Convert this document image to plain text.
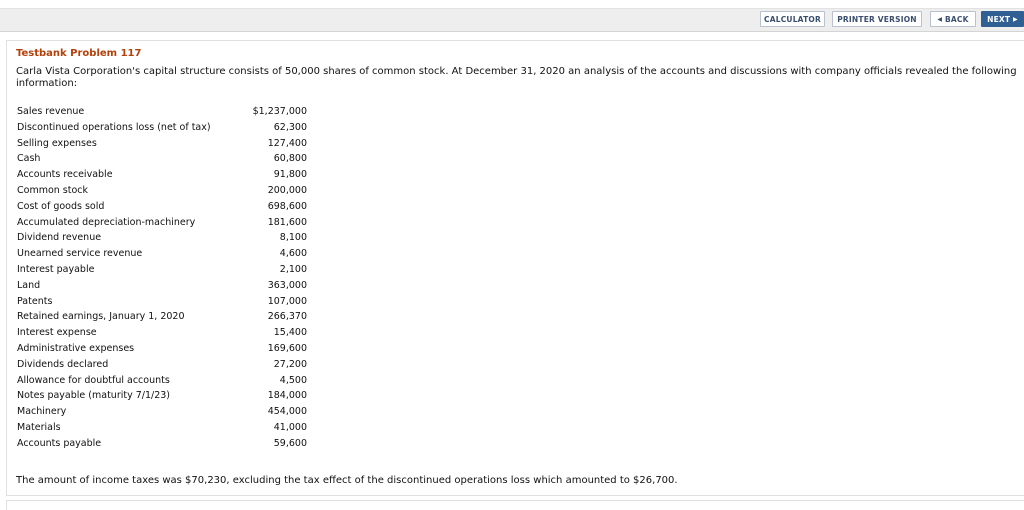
CALCULATOR	PRINTER VERSION	◀ BACK	NEXT ▶
Testbank Problem 117
Carla Vista Corporation's capital structure consists of 50,000 shares of common stock. At December 31, 2020 an analysis of the accounts and discussions with company officials revealed the following information:
Sales revenue	$1,237,000
Discontinued operations loss (net of tax)	62,300
Selling expenses	127,400
Cash	60,800
Accounts receivable	91,800
Common stock	200,000
Cost of goods sold	698,600
Accumulated depreciation-machinery	181,600
Dividend revenue	8,100
Unearned service revenue	4,600
Interest payable	2,100
Land	363,000
Patents	107,000
Retained earnings, January 1, 2020	266,370
Interest expense	15,400
Administrative expenses	169,600
Dividends declared	27,200
Allowance for doubtful accounts	4,500
Notes payable (maturity 7/1/23)	184,000
Machinery	454,000
Materials	41,000
Accounts payable	59,600
The amount of income taxes was $70,230, excluding the tax effect of the discontinued operations loss which amounted to $26,700.
